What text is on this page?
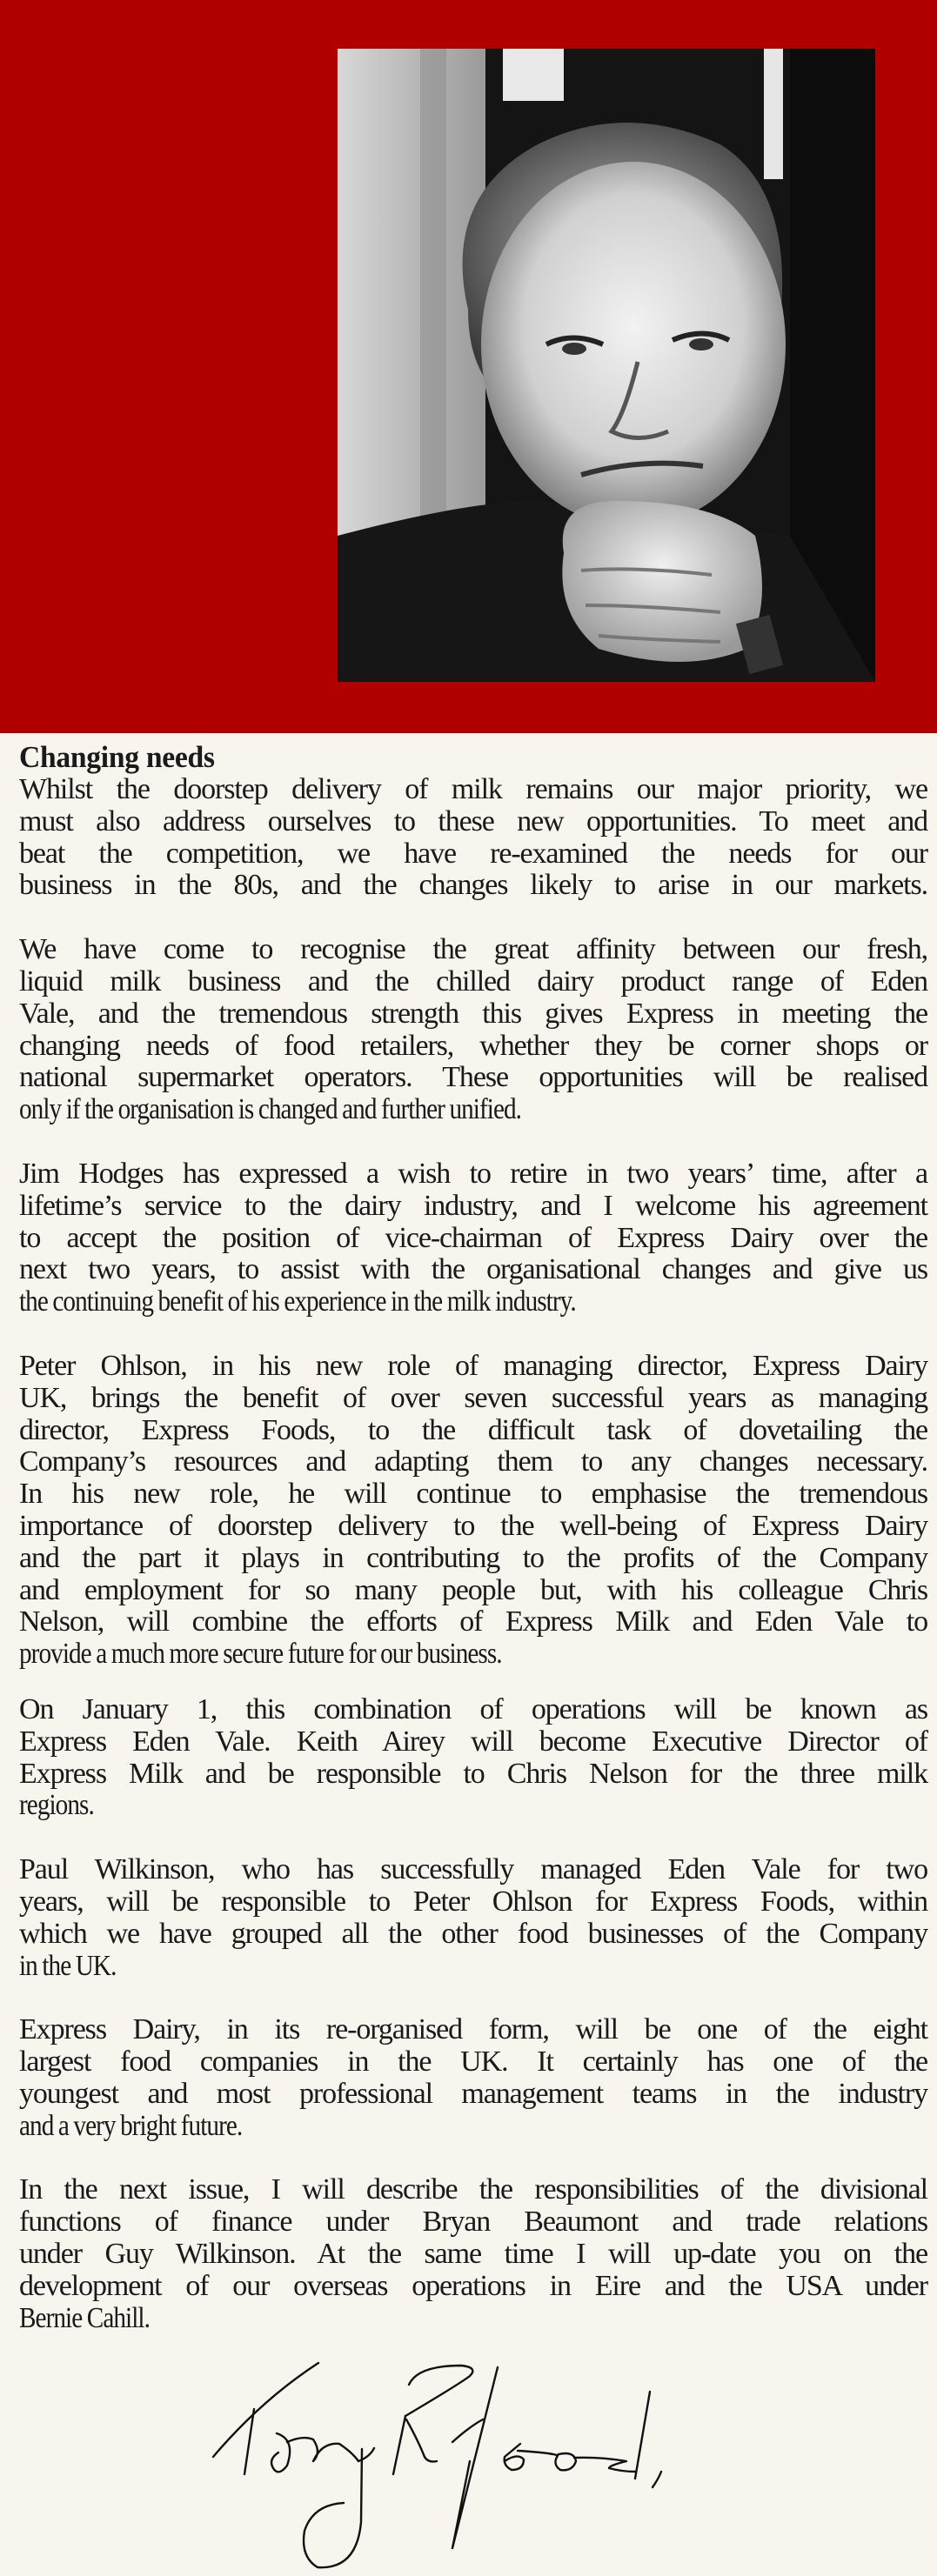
Changing needs
Whilst the doorstep delivery of milk remains our major priority, we
must also address ourselves to these new opportunities. To meet and
beat the competition, we have re-examined the needs for our
business in the 80s, and the changes likely to arise in our markets.
We have come to recognise the great affinity between our fresh,
liquid milk business and the chilled dairy product range of Eden
Vale, and the tremendous strength this gives Express in meeting the
changing needs of food retailers, whether they be corner shops or
national supermarket operators. These opportunities will be realised
only if the organisation is changed and further unified.
Jim Hodges has expressed a wish to retire in two years’ time, after a
lifetime’s service to the dairy industry, and I welcome his agreement
to accept the position of vice-chairman of Express Dairy over the
next two years, to assist with the organisational changes and give us
the continuing benefit of his experience in the milk industry.
Peter Ohlson, in his new role of managing director, Express Dairy
UK, brings the benefit of over seven successful years as managing
director, Express Foods, to the difficult task of dovetailing the
Company’s resources and adapting them to any changes necessary.
In his new role, he will continue to emphasise the tremendous
importance of doorstep delivery to the well-being of Express Dairy
and the part it plays in contributing to the profits of the Company
and employment for so many people but, with his colleague Chris
Nelson, will combine the efforts of Express Milk and Eden Vale to
provide a much more secure future for our business.
On January 1, this combination of operations will be known as
Express Eden Vale. Keith Airey will become Executive Director of
Express Milk and be responsible to Chris Nelson for the three milk
regions.
Paul Wilkinson, who has successfully managed Eden Vale for two
years, will be responsible to Peter Ohlson for Express Foods, within
which we have grouped all the other food businesses of the Company
in the UK.
Express Dairy, in its re-organised form, will be one of the eight
largest food companies in the UK. It certainly has one of the
youngest and most professional management teams in the industry
and a very bright future.
In the next issue, I will describe the responsibilities of the divisional
functions of finance under Bryan Beaumont and trade relations
under Guy Wilkinson. At the same time I will up-date you on the
development of our overseas operations in Eire and the USA under
Bernie Cahill.
